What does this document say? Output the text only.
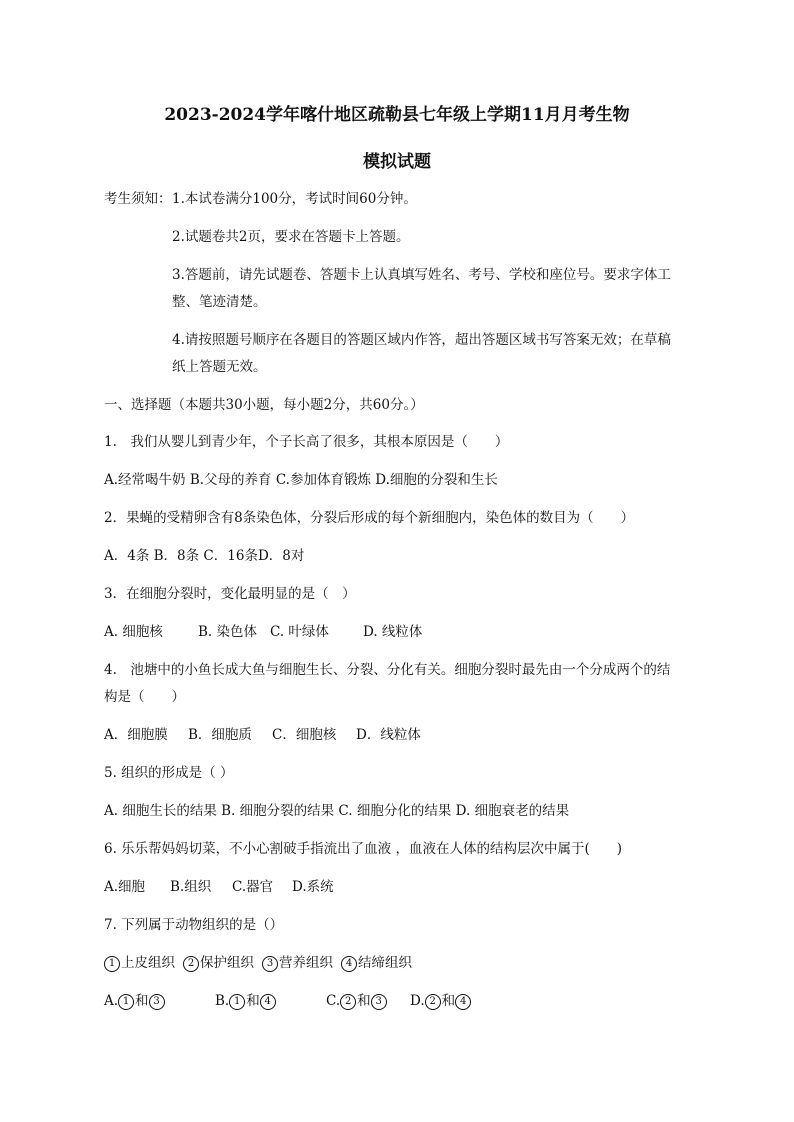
2023-2024学年喀什地区疏勒县七年级上学期11月月考生物
模拟试题
考生须知： 1.本试卷满分100分，考试时间60分钟。
2.试题卷共2页，要求在答题卡上答题。
3.答题前，请先试题卷、答题卡上认真填写姓名、考号、学校和座位号。要求字体工
整、笔迹清楚。
4.请按照题号顺序在各题目的答题区域内作答，超出答题区域书写答案无效；在草稿
纸上答题无效。
一、选择题（本题共30小题，每小题2分，共60分。）
1.　我们从婴儿到青少年，个子长高了很多，其根本原因是（　　）
A.经常喝牛奶 B.父母的养育 C.参加体育锻炼 D.细胞的分裂和生长
2．果蝇的受精卵含有8条染色体，分裂后形成的每个新细胞内，染色体的数目为（　　）
A．4条 B．8条 C．16条D．8对
3．在细胞分裂时，变化最明显的是（　）
A. 细胞核	B. 染色体 C. 叶绿体	D. 线粒体
4.　池塘中的小鱼长成大鱼与细胞生长、分裂、分化有关。细胞分裂时最先由一个分成两个的结
构是（　　）
A．细胞膜 B．细胞质 C．细胞核 D．线粒体
5. 组织的形成是（ ）
A. 细胞生长的结果 B. 细胞分裂的结果 C. 细胞分化的结果 D. 细胞衰老的结果
6. 乐乐帮妈妈切菜，不小心割破手指流出了血液 ，血液在人体的结构层次中属于(　　)
A.细胞 B.组织 C.器官 D.系统
7. 下列属于动物组织的是（）
1 上皮组织 2 保护组织 3 营养组织 4 结缔组织
A. 1 和 3	B. 1 和 4	C. 2 和 3 D. 2 和 4
